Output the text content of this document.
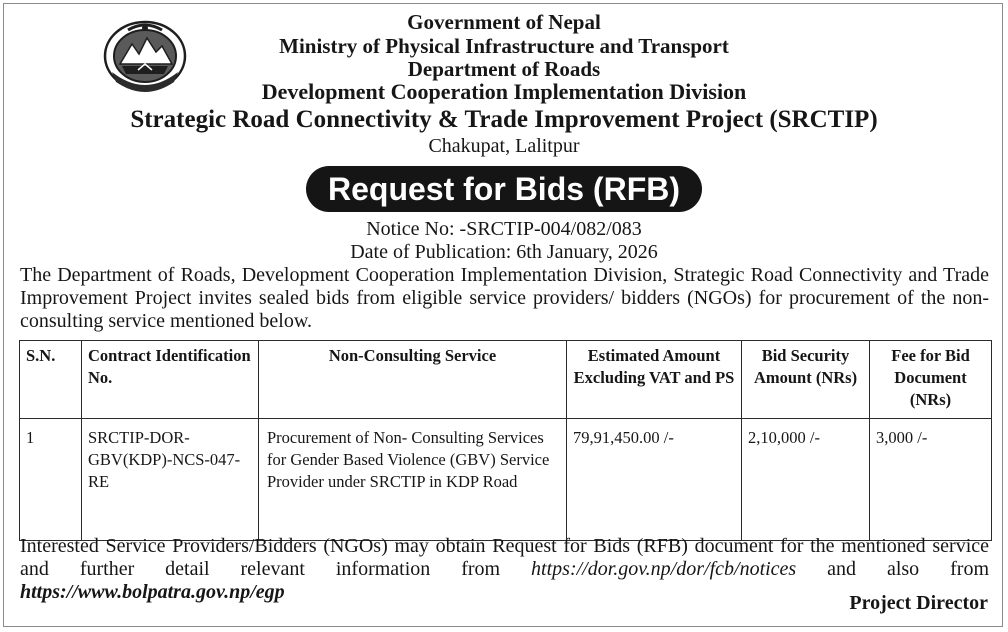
Government of Nepal
Ministry of Physical Infrastructure and Transport
Department of Roads
Development Cooperation Implementation Division
Strategic Road Connectivity & Trade Improvement Project (SRCTIP)
Chakupat, Lalitpur
Request for Bids (RFB)
Notice No: -SRCTIP-004/082/083
Date of Publication: 6th January, 2026
The Department of Roads, Development Cooperation Implementation Division, Strategic Road Connectivity and Trade Improvement Project invites sealed bids from eligible service providers/ bidders (NGOs) for procurement of the non-consulting service mentioned below.
S.N.	Contract Identification No.	Non-Consulting Service	Estimated Amount Excluding VAT and PS	Bid Security Amount (NRs)	Fee for Bid Document (NRs)
1	SRCTIP-DOR-GBV(KDP)-NCS-047-RE	Procurement of Non- Consulting Services for Gender Based Violence (GBV) Service Provider under SRCTIP in KDP Road	79,91,450.00 /-	2,10,000 /-	3,000 /-
Interested Service Providers/Bidders (NGOs) may obtain Request for Bids (RFB) document for the mentioned service and further detail relevant information from https://dor.gov.np/dor/fcb/notices and also from https://www.bolpatra.gov.np/egp	Project Director
